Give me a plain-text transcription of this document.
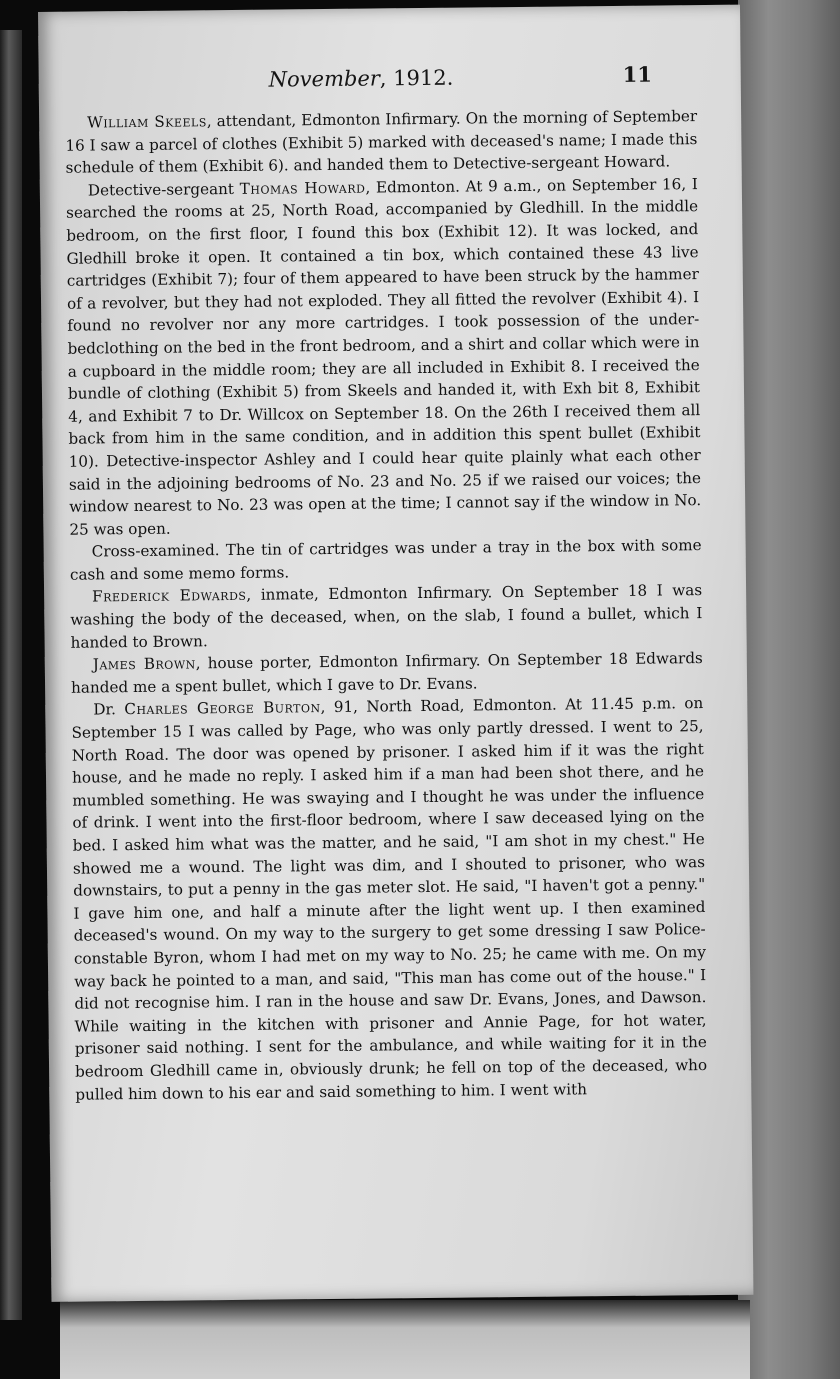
November, 1912.	11

William Skeels, attendant, Edmonton Infirmary. On the morning of September 16 I saw a parcel of clothes (Exhibit 5) marked with deceased's name; I made this schedule of them (Exhibit 6). and handed them to Detective-sergeant Howard.

Detective-sergeant Thomas Howard, Edmonton. At 9 a.m., on September 16, I searched the rooms at 25, North Road, accompanied by Gledhill. In the middle bedroom, on the first floor, I found this box (Exhibit 12). It was locked, and Gledhill broke it open. It contained a tin box, which contained these 43 live cartridges (Exhibit 7); four of them appeared to have been struck by the hammer of a revolver, but they had not exploded. They all fitted the revolver (Exhibit 4). I found no revolver nor any more cartridges. I took possession of the under-bedclothing on the bed in the front bedroom, and a shirt and collar which were in a cupboard in the middle room; they are all included in Exhibit 8. I received the bundle of clothing (Exhibit 5) from Skeels and handed it, with Exh bit 8, Exhibit 4, and Exhibit 7 to Dr. Willcox on September 18. On the 26th I received them all back from him in the same condition, and in addition this spent bullet (Exhibit 10). Detective-inspector Ashley and I could hear quite plainly what each other said in the adjoining bedrooms of No. 23 and No. 25 if we raised our voices; the window nearest to No. 23 was open at the time; I cannot say if the window in No. 25 was open.

Cross-examined. The tin of cartridges was under a tray in the box with some cash and some memo forms.

Frederick Edwards, inmate, Edmonton Infirmary. On September 18 I was washing the body of the deceased, when, on the slab, I found a bullet, which I handed to Brown.

James Brown, house porter, Edmonton Infirmary. On September 18 Edwards handed me a spent bullet, which I gave to Dr. Evans.

Dr. Charles George Burton, 91, North Road, Edmonton. At 11.45 p.m. on September 15 I was called by Page, who was only partly dressed. I went to 25, North Road. The door was opened by prisoner. I asked him if it was the right house, and he made no reply. I asked him if a man had been shot there, and he mumbled something. He was swaying and I thought he was under the influence of drink. I went into the first-floor bedroom, where I saw deceased lying on the bed. I asked him what was the matter, and he said, "I am shot in my chest." He showed me a wound. The light was dim, and I shouted to prisoner, who was downstairs, to put a penny in the gas meter slot. He said, "I haven't got a penny." I gave him one, and half a minute after the light went up. I then examined deceased's wound. On my way to the surgery to get some dressing I saw Police-constable Byron, whom I had met on my way to No. 25; he came with me. On my way back he pointed to a man, and said, "This man has come out of the house." I did not recognise him. I ran in the house and saw Dr. Evans, Jones, and Dawson. While waiting in the kitchen with prisoner and Annie Page, for hot water, prisoner said nothing. I sent for the ambulance, and while waiting for it in the bedroom Gledhill came in, obviously drunk; he fell on top of the deceased, who pulled him down to his ear and said something to him. I went with
